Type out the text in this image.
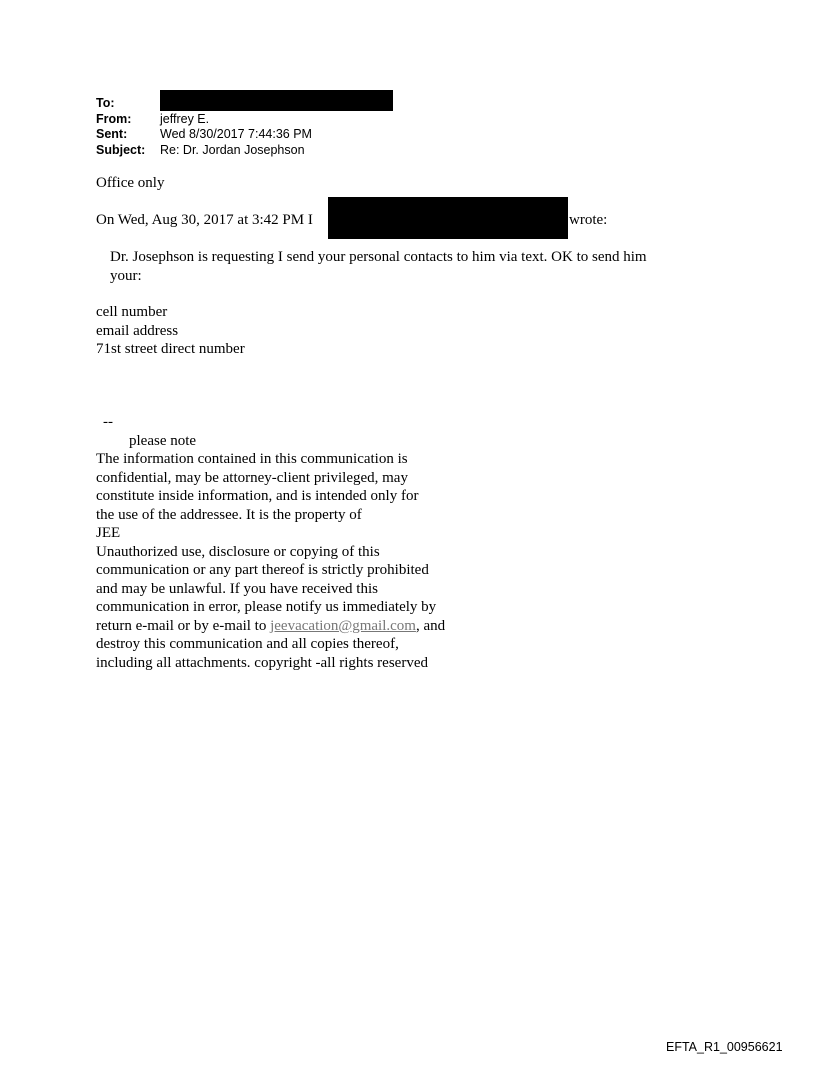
To:
From:	jeffrey E.
Sent:	Wed 8/30/2017 7:44:36 PM
Subject:	Re: Dr. Jordan Josephson
Office only
On Wed, Aug 30, 2017 at 3:42 PM I	wrote:
Dr. Josephson is requesting I send your personal contacts to him via text. OK to send him
your:
cell number
email address
71st street direct number
--
please note
The information contained in this communication is
confidential, may be attorney-client privileged, may
constitute inside information, and is intended only for
the use of the addressee. It is the property of
JEE
Unauthorized use, disclosure or copying of this
communication or any part thereof is strictly prohibited
and may be unlawful. If you have received this
communication in error, please notify us immediately by
return e-mail or by e-mail to jeevacation@gmail.com, and
destroy this communication and all copies thereof,
including all attachments. copyright -all rights reserved
EFTA_R1_00956621
